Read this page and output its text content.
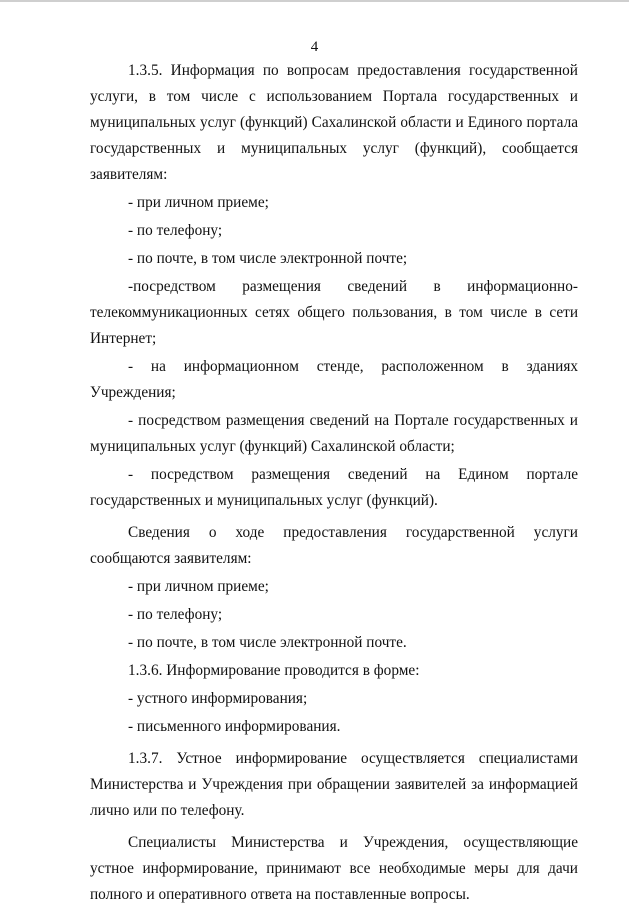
4

1.3.5. Информация по вопросам предоставления государственной услуги, в том числе с использованием Портала государственных и муниципальных услуг (функций) Сахалинской области и Единого портала государственных и муниципальных услуг (функций), сообщается заявителям:

- при личном приеме;

- по телефону;

- по почте, в том числе электронной почте;

-посредством размещения сведений в информационно-телекоммуникационных сетях общего пользования, в том числе в сети Интернет;

- на информационном стенде, расположенном в зданиях Учреждения;

- посредством размещения сведений на Портале государственных и муниципальных услуг (функций) Сахалинской области;

- посредством размещения сведений на Едином портале государственных и муниципальных услуг (функций).

Сведения о ходе предоставления государственной услуги сообщаются заявителям:

- при личном приеме;

- по телефону;

- по почте, в том числе электронной почте.

1.3.6. Информирование проводится в форме:

- устного информирования;

- письменного информирования.

1.3.7. Устное информирование осуществляется специалистами Министерства и Учреждения при обращении заявителей за информацией лично или по телефону.

Специалисты Министерства и Учреждения, осуществляющие устное информирование, принимают все необходимые меры для дачи полного и оперативного ответа на поставленные вопросы.
